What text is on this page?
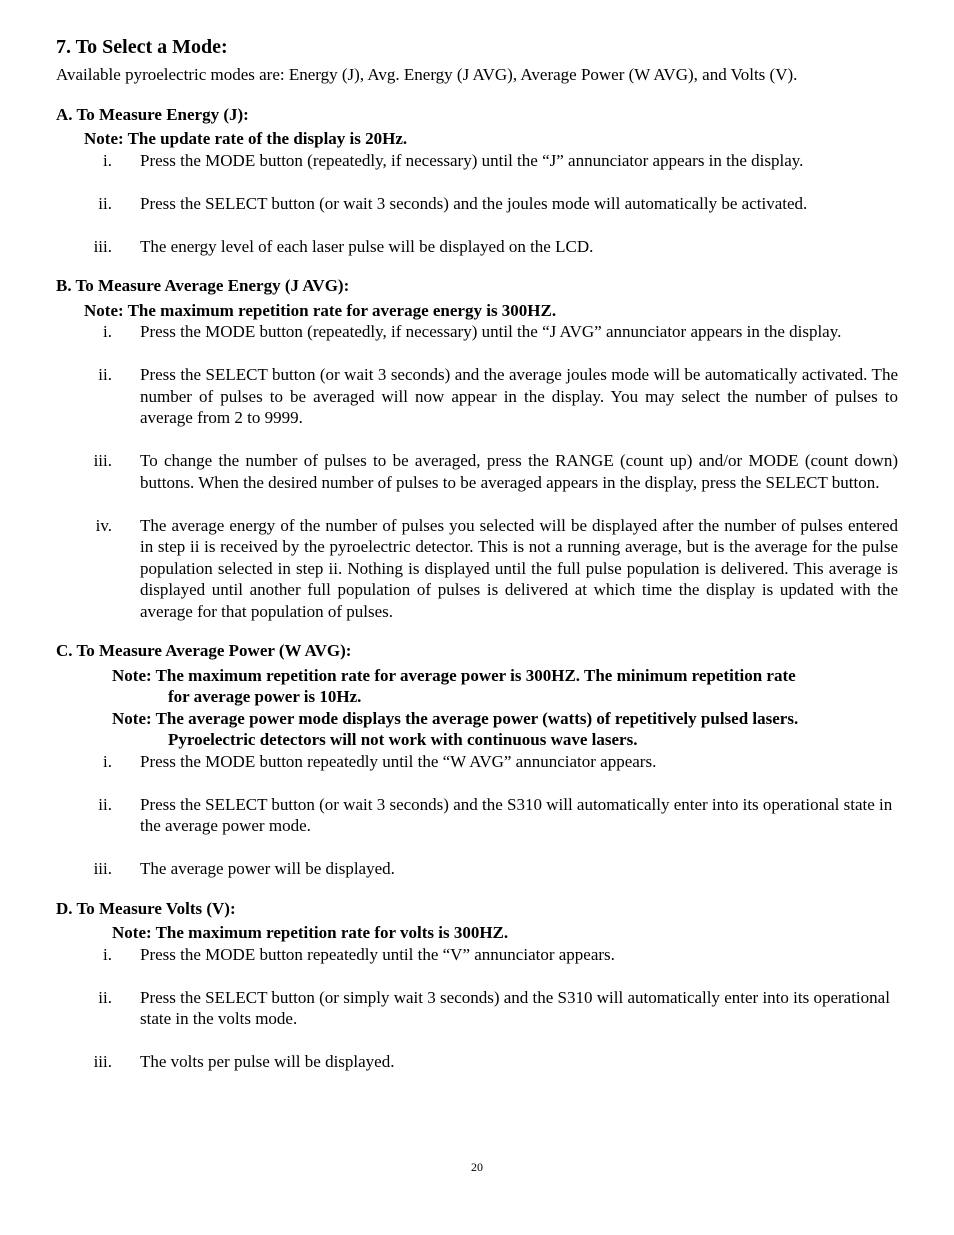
7. To Select a Mode:

Available pyroelectric modes are: Energy (J), Avg. Energy (J AVG), Average Power (W AVG), and Volts (V).

A. To Measure Energy (J):

Note: The update rate of the display is 20Hz.

i. Press the MODE button (repeatedly, if necessary) until the “J” annunciator appears in the display.
ii. Press the SELECT button (or wait 3 seconds) and the joules mode will automatically be activated.
iii. The energy level of each laser pulse will be displayed on the LCD.
B. To Measure Average Energy (J AVG):

Note: The maximum repetition rate for average energy is 300HZ.

i. Press the MODE button (repeatedly, if necessary) until the “J AVG” annunciator appears in the display.
ii. Press the SELECT button (or wait 3 seconds) and the average joules mode will be automatically activated. The number of pulses to be averaged will now appear in the display. You may select the number of pulses to average from 2 to 9999.
iii. To change the number of pulses to be averaged, press the RANGE (count up) and/or MODE (count down) buttons. When the desired number of pulses to be averaged appears in the display, press the SELECT button.
iv. The average energy of the number of pulses you selected will be displayed after the number of pulses entered in step ii is received by the pyroelectric detector. This is not a running average, but is the average for the pulse population selected in step ii. Nothing is displayed until the full pulse population is delivered. This average is displayed until another full population of pulses is delivered at which time the display is updated with the average for that population of pulses.
C. To Measure Average Power (W AVG):

Note: The maximum repetition rate for average power is 300HZ. The minimum repetition rate
for average power is 10Hz.

Note: The average power mode displays the average power (watts) of repetitively pulsed lasers.
Pyroelectric detectors will not work with continuous wave lasers.

i. Press the MODE button repeatedly until the “W AVG” annunciator appears.
ii. Press the SELECT button (or wait 3 seconds) and the S310 will automatically enter into its operational state in the average power mode.
iii. The average power will be displayed.
D. To Measure Volts (V):

Note: The maximum repetition rate for volts is 300HZ.

i. Press the MODE button repeatedly until the “V” annunciator appears.
ii. Press the SELECT button (or simply wait 3 seconds) and the S310 will automatically enter into its operational state in the volts mode.
iii. The volts per pulse will be displayed.
20
